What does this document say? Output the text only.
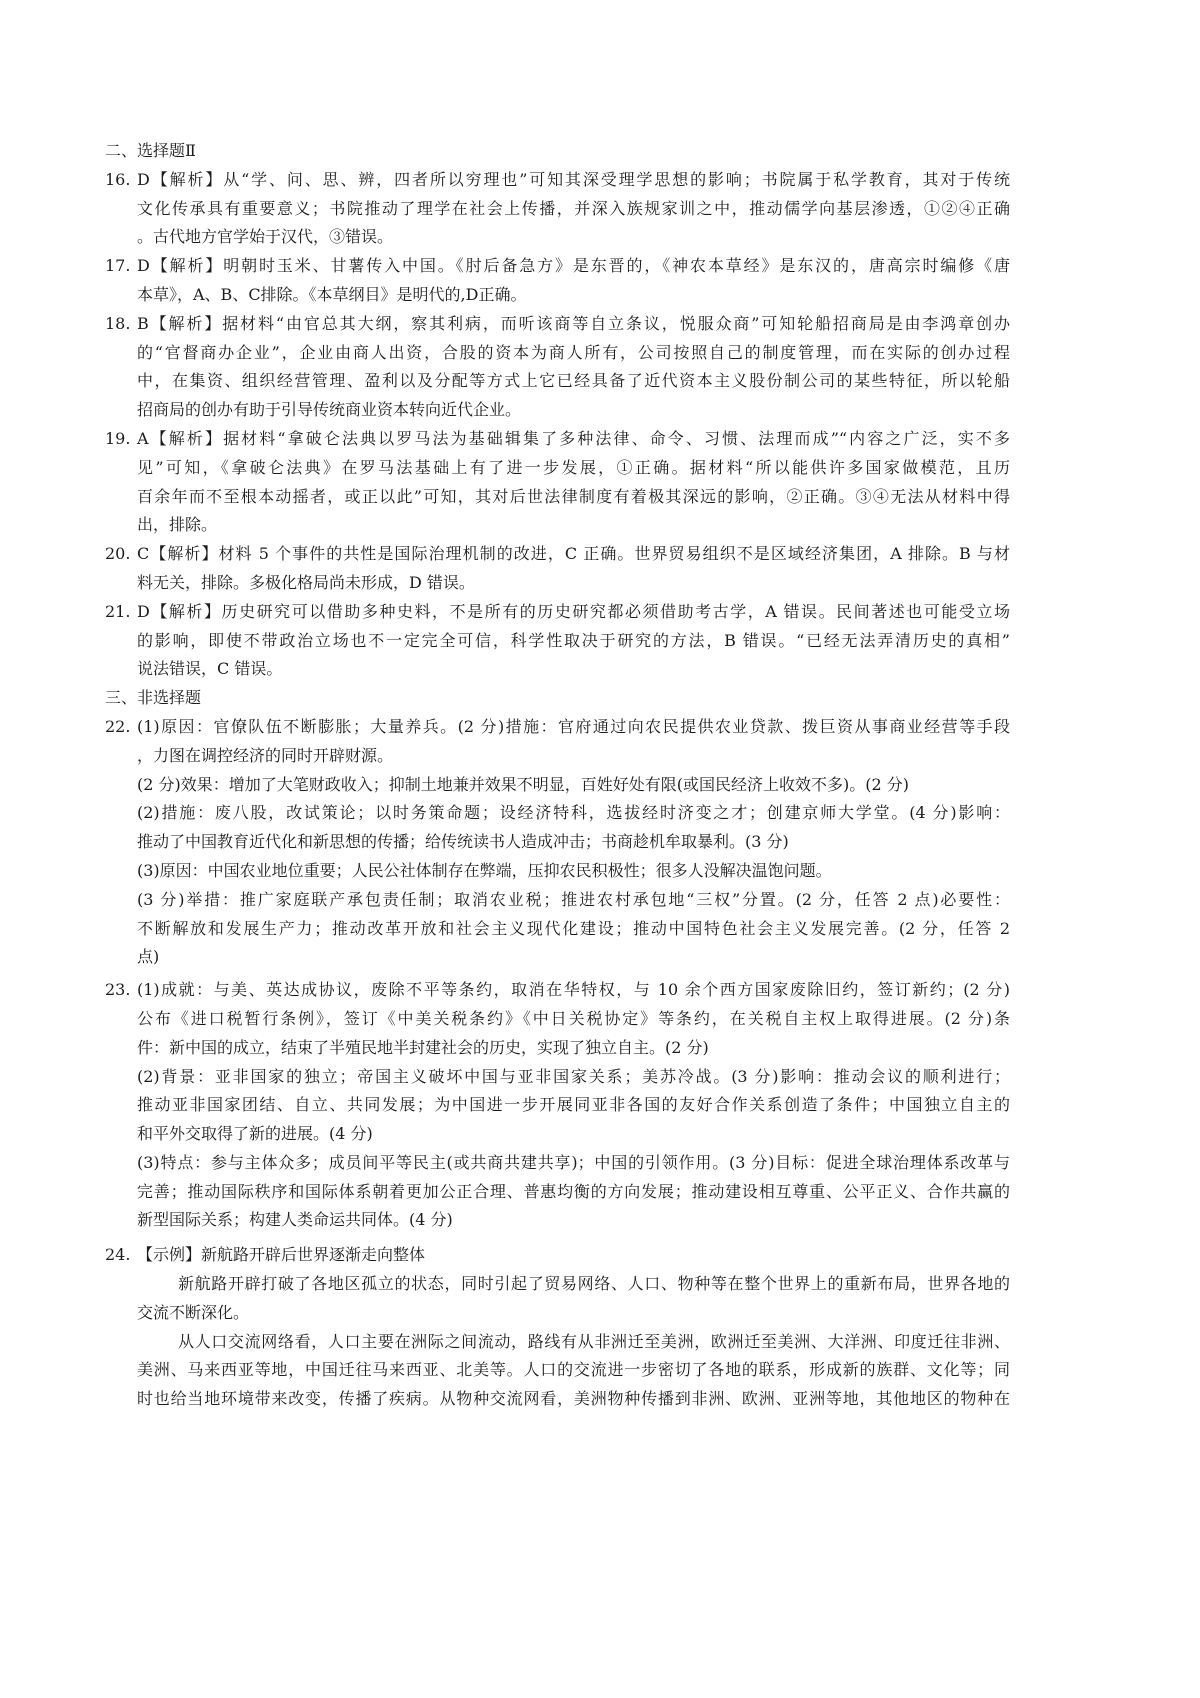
二、选择题Ⅱ
16. D【解析】从“学、问、思、辨，四者所以穷理也”可知其深受理学思想的影响；书院属于私学教育，其对于传统
文化传承具有重要意义；书院推动了理学在社会上传播，并深入族规家训之中，推动儒学向基层渗透，①②④正确
。古代地方官学始于汉代，③错误。
17. D【解析】明朝时玉米、甘薯传入中国。《肘后备急方》是东晋的，《神农本草经》是东汉的，唐高宗时编修《唐
本草》，A、B、C排除。《本草纲目》是明代的,D正确。
18. B【解析】据材料“由官总其大纲，察其利病，而听该商等自立条议，悦服众商”可知轮船招商局是由李鸿章创办
的“官督商办企业”，企业由商人出资，合股的资本为商人所有，公司按照自己的制度管理，而在实际的创办过程
中，在集资、组织经营管理、盈利以及分配等方式上它已经具备了近代资本主义股份制公司的某些特征，所以轮船
招商局的创办有助于引导传统商业资本转向近代企业。
19. A【解析】据材料“拿破仑法典以罗马法为基础辑集了多种法律、命令、习惯、法理而成”“内容之广泛，实不多
见”可知，《拿破仑法典》在罗马法基础上有了进一步发展，①正确。据材料“所以能供许多国家做模范，且历
百余年而不至根本动摇者，或正以此”可知，其对后世法律制度有着极其深远的影响，②正确。③④无法从材料中得
出，排除。
20. C【解析】材料 5 个事件的共性是国际治理机制的改进，C 正确。世界贸易组织不是区域经济集团，A 排除。B 与材
料无关，排除。多极化格局尚未形成，D 错误。
21. D【解析】历史研究可以借助多种史料，不是所有的历史研究都必须借助考古学，A 错误。民间著述也可能受立场
的影响，即使不带政治立场也不一定完全可信，科学性取决于研究的方法，B 错误。“已经无法弄清历史的真相”
说法错误，C 错误。
三、非选择题
22. (1)原因：官僚队伍不断膨胀；大量养兵。(2 分)措施：官府通过向农民提供农业贷款、拨巨资从事商业经营等手段
，力图在调控经济的同时开辟财源。
(2 分)效果：增加了大笔财政收入；抑制土地兼并效果不明显，百姓好处有限(或国民经济上收效不多)。(2 分)
(2)措施：废八股，改试策论；以时务策命题；设经济特科，选拔经时济变之才；创建京师大学堂。(4 分)影响：
推动了中国教育近代化和新思想的传播；给传统读书人造成冲击；书商趁机牟取暴利。(3 分)
(3)原因：中国农业地位重要；人民公社体制存在弊端，压抑农民积极性；很多人没解决温饱问题。
(3 分)举措：推广家庭联产承包责任制；取消农业税；推进农村承包地“三权”分置。(2 分，任答 2 点)必要性：
不断解放和发展生产力；推动改革开放和社会主义现代化建设；推动中国特色社会主义发展完善。(2 分，任答 2
点)
23. (1)成就：与美、英达成协议，废除不平等条约，取消在华特权，与 10 余个西方国家废除旧约，签订新约；(2 分)
公布《进口税暂行条例》，签订《中美关税条约》《中日关税协定》等条约，在关税自主权上取得进展。(2 分)条
件：新中国的成立，结束了半殖民地半封建社会的历史，实现了独立自主。(2 分)
(2)背景：亚非国家的独立；帝国主义破坏中国与亚非国家关系；美苏冷战。(3 分)影响：推动会议的顺利进行；
推动亚非国家团结、自立、共同发展；为中国进一步开展同亚非各国的友好合作关系创造了条件；中国独立自主的
和平外交取得了新的进展。(4 分)
(3)特点：参与主体众多；成员间平等民主(或共商共建共享)；中国的引领作用。(3 分)目标：促进全球治理体系改革与
完善；推动国际秩序和国际体系朝着更加公正合理、普惠均衡的方向发展；推动建设相互尊重、公平正义、合作共赢的
新型国际关系；构建人类命运共同体。(4 分)
24. 【示例】新航路开辟后世界逐渐走向整体
新航路开辟打破了各地区孤立的状态，同时引起了贸易网络、人口、物种等在整个世界上的重新布局，世界各地的
交流不断深化。
从人口交流网络看，人口主要在洲际之间流动，路线有从非洲迁至美洲，欧洲迁至美洲、大洋洲、印度迁往非洲、
美洲、马来西亚等地，中国迁往马来西亚、北美等。人口的交流进一步密切了各地的联系，形成新的族群、文化等；同
时也给当地环境带来改变，传播了疾病。从物种交流网看，美洲物种传播到非洲、欧洲、亚洲等地，其他地区的物种在
